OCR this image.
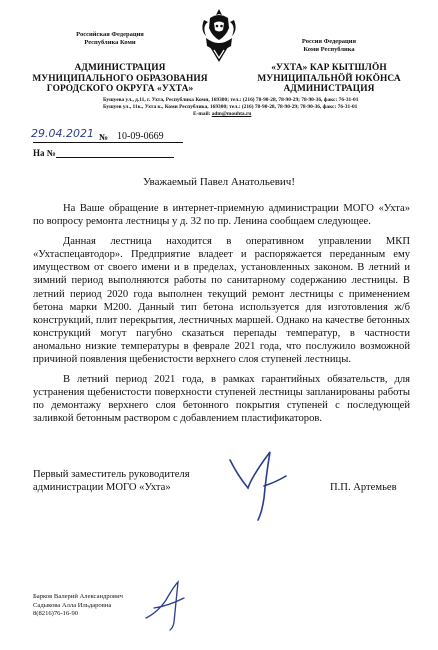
Российская Федерация
Республика Коми
АДМИНИСТРАЦИЯ
МУНИЦИПАЛЬНОГО ОБРАЗОВАНИЯ
ГОРОДСКОГО ОКРУГА «УХТА»
Россия Федерация
Коми Республика
«УХТА» КАР КЫТШЛÖН
МУНИЦИПАЛЬНÖЙ ЮКÖНСА
АДМИНИСТРАЦИЯ
Бушуева ул., д.11, г. Ухта, Республика Коми, 169300; тел.: (216) 78-90-28, 78-90-29; 78-90-36, факс: 76-31-01
Бушуев ул., 11к., Ухта к., Коми Республика, 169300; тел.: (216) 78-90-28, 78-90-29; 78-90-36, факс: 76-31-01
E-mail: adm@mouhta.ru
29.04.2021 № 10-09-0669
На №
Уважаемый Павел Анатольевич!

На Ваше обращение в интернет-приемную администрации МОГО «Ухта» по вопросу ремонта лестницы у д. 32 по пр. Ленина сообщаем следующее.

Данная лестница находится в оперативном управлении МКП «Ухтаспецавтодор». Предприятие владеет и распоряжается переданным ему имуществом от своего имени и в пределах, установленных законом. В летний и зимний период выполняются работы по санитарному содержанию лестницы. В летний период 2020 года выполнен текущий ремонт лестницы с применением бетона марки М200. Данный тип бетона используется для изготовления ж/б конструкций, плит перекрытия, лестничных маршей. Однако на качестве бетонных конструкций могут пагубно сказаться перепады температур, в частности аномально низкие температуры в феврале 2021 года, что послужило возможной причиной появления щебенистости верхнего слоя ступеней лестницы.

В летний период 2021 года, в рамках гарантийных обязательств, для устранения щебенистости поверхности ступеней лестницы запланированы работы по демонтажу верхнего слоя бетонного покрытия ступеней с последующей заливкой бетонным раствором с добавлением пластификаторов.

Первый заместитель руководителя
администрации МОГО «Ухта»	П.П. Артемьев
Барков Валерий Александрович
Садыкова Алла Ильдаровна
8(8216)76-16-90
